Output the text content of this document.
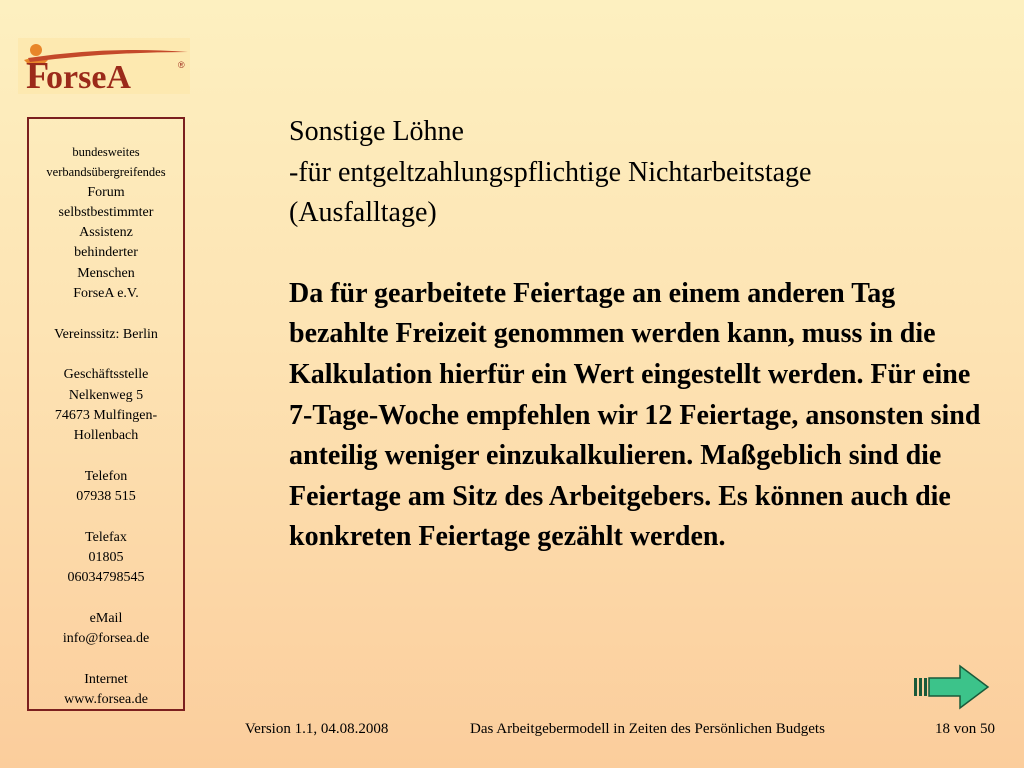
F
orseA	®
bundesweites
verbandsübergreifendes
Forum
selbstbestimmter
Assistenz
behinderter
Menschen
ForseA e.V.
Vereinssitz: Berlin
Geschäftsstelle
Nelkenweg 5
74673 Mulfingen-
Hollenbach
Telefon
07938 515
Telefax
01805
06034798545
eMail
info@forsea.de
Internet
www.forsea.de
Sonstige Löhne
-für entgeltzahlungspflichtige Nichtarbeitstage
(Ausfalltage)

Da für gearbeitete Feiertage an einem anderen Tag bezahlte Freizeit genommen werden kann, muss in die Kalkulation hierfür ein Wert eingestellt werden. Für eine 7-Tage-Woche empfehlen wir 12 Feiertage, ansonsten sind anteilig weniger einzukalkulieren. Maßgeblich sind die Feiertage am Sitz des Arbeitgebers. Es können auch die konkreten Feiertage gezählt werden.

Version 1.1, 04.08.2008	Das Arbeitgebermodell in Zeiten des Persönlichen Budgets	18 von 50
